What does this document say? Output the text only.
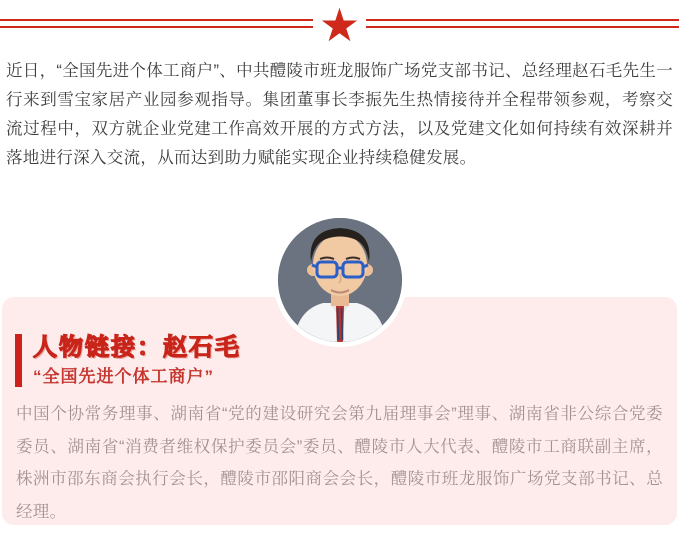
★

近日，“全国先进个体工商户”、中共醴陵市班龙服饰广场党支部书记、总经理赵石毛先生一行来到雪宝家居产业园参观指导。集团董事长李振先生热情接待并全程带领参观，考察交流过程中，双方就企业党建工作高效开展的方式方法，以及党建文化如何持续有效深耕并落地进行深入交流，从而达到助力赋能实现企业持续稳健发展。

人物链接：赵石毛
“全国先进个体工商户”

中国个协常务理事、湖南省“党的建设研究会第九届理事会”理事、湖南省非公综合党委委员、湖南省“消费者维权保护委员会”委员、醴陵市人大代表、醴陵市工商联副主席，株洲市邵东商会执行会长，醴陵市邵阳商会会长，醴陵市班龙服饰广场党支部书记、总经理。
